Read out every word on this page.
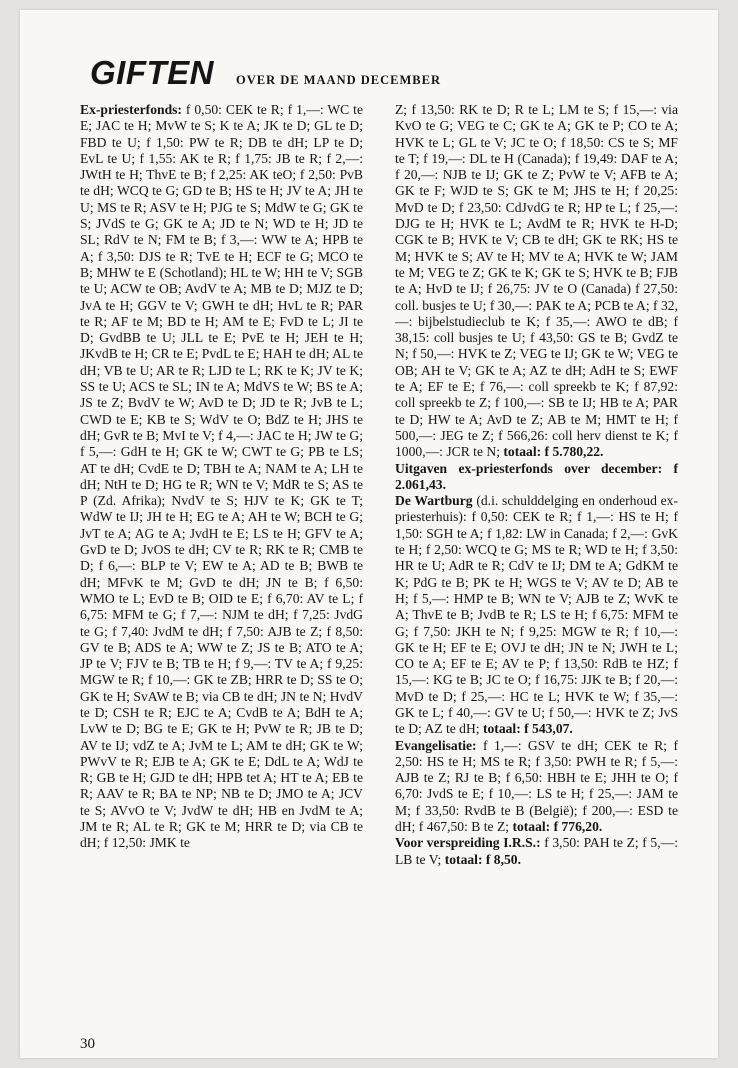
GIFTEN OVER DE MAAND DECEMBER

Ex-priesterfonds: f 0,50: CEK te R; f 1,—: WC te E; JAC te H; MvW te S; K te A; JK te D; GL te D; FBD te U; f 1,50: PW te R; DB te dH; LP te D; EvL te U; f 1,55: AK te R; f 1,75: JB te R; f 2,—: JWtH te H; ThvE te B; f 2,25: AK teO; f 2,50: PvB te dH; WCQ te G; GD te B; HS te H; JV te A; JH te U; MS te R; ASV te H; PJG te S; MdW te G; GK te S; JVdS te G; GK te A; JD te N; WD te H; JD te SL; RdV te N; FM te B; f 3,—: WW te A; HPB te A; f 3,50: DJS te R; TvE te H; ECF te G; MCO te B; MHW te E (Schotland); HL te W; HH te V; SGB te U; ACW te OB; AvdV te A; MB te D; MJZ te D; JvA te H; GGV te V; GWH te dH; HvL te R; PAR te R; AF te M; BD te H; AM te E; FvD te L; JI te D; GvdBB te U; JLL te E; PvE te H; JEH te H; JKvdB te H; CR te E; PvdL te E; HAH te dH; AL te dH; VB te U; AR te R; LJD te L; RK te K; JV te K; SS te U; ACS te SL; IN te A; MdVS te W; BS te A; JS te Z; BvdV te W; AvD te D; JD te R; JvB te L; CWD te E; KB te S; WdV te O; BdZ te H; JHS te dH; GvR te B; MvI te V; f 4,—: JAC te H; JW te G; f 5,—: GdH te H; GK te W; CWT te G; PB te LS; AT te dH; CvdE te D; TBH te A; NAM te A; LH te dH; NtH te D; HG te R; WN te V; MdR te S; AS te P (Zd. Afrika); NvdV te S; HJV te K; GK te T; WdW te IJ; JH te H; EG te A; AH te W; BCH te G; JvT te A; AG te A; JvdH te E; LS te H; GFV te A; GvD te D; JvOS te dH; CV te R; RK te R; CMB te D; f 6,—: BLP te V; EW te A; AD te B; BWB te dH; MFvK te M; GvD te dH; JN te B; f 6,50: WMO te L; EvD te B; OID te E; f 6,70: AV te L; f 6,75: MFM te G; f 7,—: NJM te dH; f 7,25: JvdG te G; f 7,40: JvdM te dH; f 7,50: AJB te Z; f 8,50: GV te B; ADS te A; WW te Z; JS te B; ATO te A; JP te V; FJV te B; TB te H; f 9,—: TV te A; f 9,25: MGW te R; f 10,—: GK te ZB; HRR te D; SS te O; GK te H; SvAW te B; via CB te dH; JN te N; HvdV te D; CSH te R; EJC te A; CvdB te A; BdH te A; LvW te D; BG te E; GK te H; PvW te R; JB te D; AV te IJ; vdZ te A; JvM te L; AM te dH; GK te W; PWvV te R; EJB te A; GK te E; DdL te A; WdJ te R; GB te H; GJD te dH; HPB tet A; HT te A; EB te R; AAV te R; BA te NP; NB te D; JMO te A; JCV te S; AVvO te V; JvdW te dH; HB en JvdM te A; JM te R; AL te R; GK te M; HRR te D; via CB te dH; f 12,50: JMK te

Z; f 13,50: RK te D; R te L; LM te S; f 15,—: via KvO te G; VEG te C; GK te A; GK te P; CO te A; HVK te L; GL te V; JC te O; f 18,50: CS te S; MF te T; f 19,—: DL te H (Canada); f 19,49: DAF te A; f 20,—: NJB te IJ; GK te Z; PvW te V; AFB te A; GK te F; WJD te S; GK te M; JHS te H; f 20,25: MvD te D; f 23,50: CdJvdG te R; HP te L; f 25,—: DJG te H; HVK te L; AvdM te R; HVK te H-D; CGK te B; HVK te V; CB te dH; GK te RK; HS te M; HVK te S; AV te H; MV te A; HVK te W; JAM te M; VEG te Z; GK te K; GK te S; HVK te B; FJB te A; HvD te IJ; f 26,75: JV te O (Canada) f 27,50: coll. busjes te U; f 30,—: PAK te A; PCB te A; f 32,—: bijbelstudieclub te K; f 35,—: AWO te dB; f 38,15: coll busjes te U; f 43,50: GS te B; GvdZ te N; f 50,—: HVK te Z; VEG te IJ; GK te W; VEG te OB; AH te V; GK te A; AZ te dH; AdH te S; EWF te A; EF te E; f 76,—: coll spreekb te K; f 87,92: coll spreekb te Z; f 100,—: SB te IJ; HB te A; PAR te D; HW te A; AvD te Z; AB te M; HMT te H; f 500,—: JEG te Z; f 566,26: coll herv dienst te K; f 1000,—: JCR te N; totaal: f 5.780,22.

Uitgaven ex-priesterfonds over december: f 2.061,43.

De Wartburg (d.i. schulddelging en onderhoud ex-priesterhuis): f 0,50: CEK te R; f 1,—: HS te H; f 1,50: SGH te A; f 1,82: LW in Canada; f 2,—: GvK te H; f 2,50: WCQ te G; MS te R; WD te H; f 3,50: HR te U; AdR te R; CdV te IJ; DM te A; GdKM te K; PdG te B; PK te H; WGS te V; AV te D; AB te H; f 5,—: HMP te B; WN te V; AJB te Z; WvK te A; ThvE te B; JvdB te R; LS te H; f 6,75: MFM te G; f 7,50: JKH te N; f 9,25: MGW te R; f 10,—: GK te H; EF te E; OVJ te dH; JN te N; JWH te L; CO te A; EF te E; AV te P; f 13,50: RdB te HZ; f 15,—: KG te B; JC te O; f 16,75: JJK te B; f 20,—: MvD te D; f 25,—: HC te L; HVK te W; f 35,—: GK te L; f 40,—: GV te U; f 50,—: HVK te Z; JvS te D; AZ te dH; totaal: f 543,07.

Evangelisatie: f 1,—: GSV te dH; CEK te R; f 2,50: HS te H; MS te R; f 3,50: PWH te R; f 5,—: AJB te Z; RJ te B; f 6,50: HBH te E; JHH te O; f 6,70: JvdS te E; f 10,—: LS te H; f 25,—: JAM te M; f 33,50: RvdB te B (België); f 200,—: ESD te dH; f 467,50: B te Z; totaal: f 776,20.

Voor verspreiding I.R.S.: f 3,50: PAH te Z; f 5,—: LB te V; totaal: f 8,50.

30
